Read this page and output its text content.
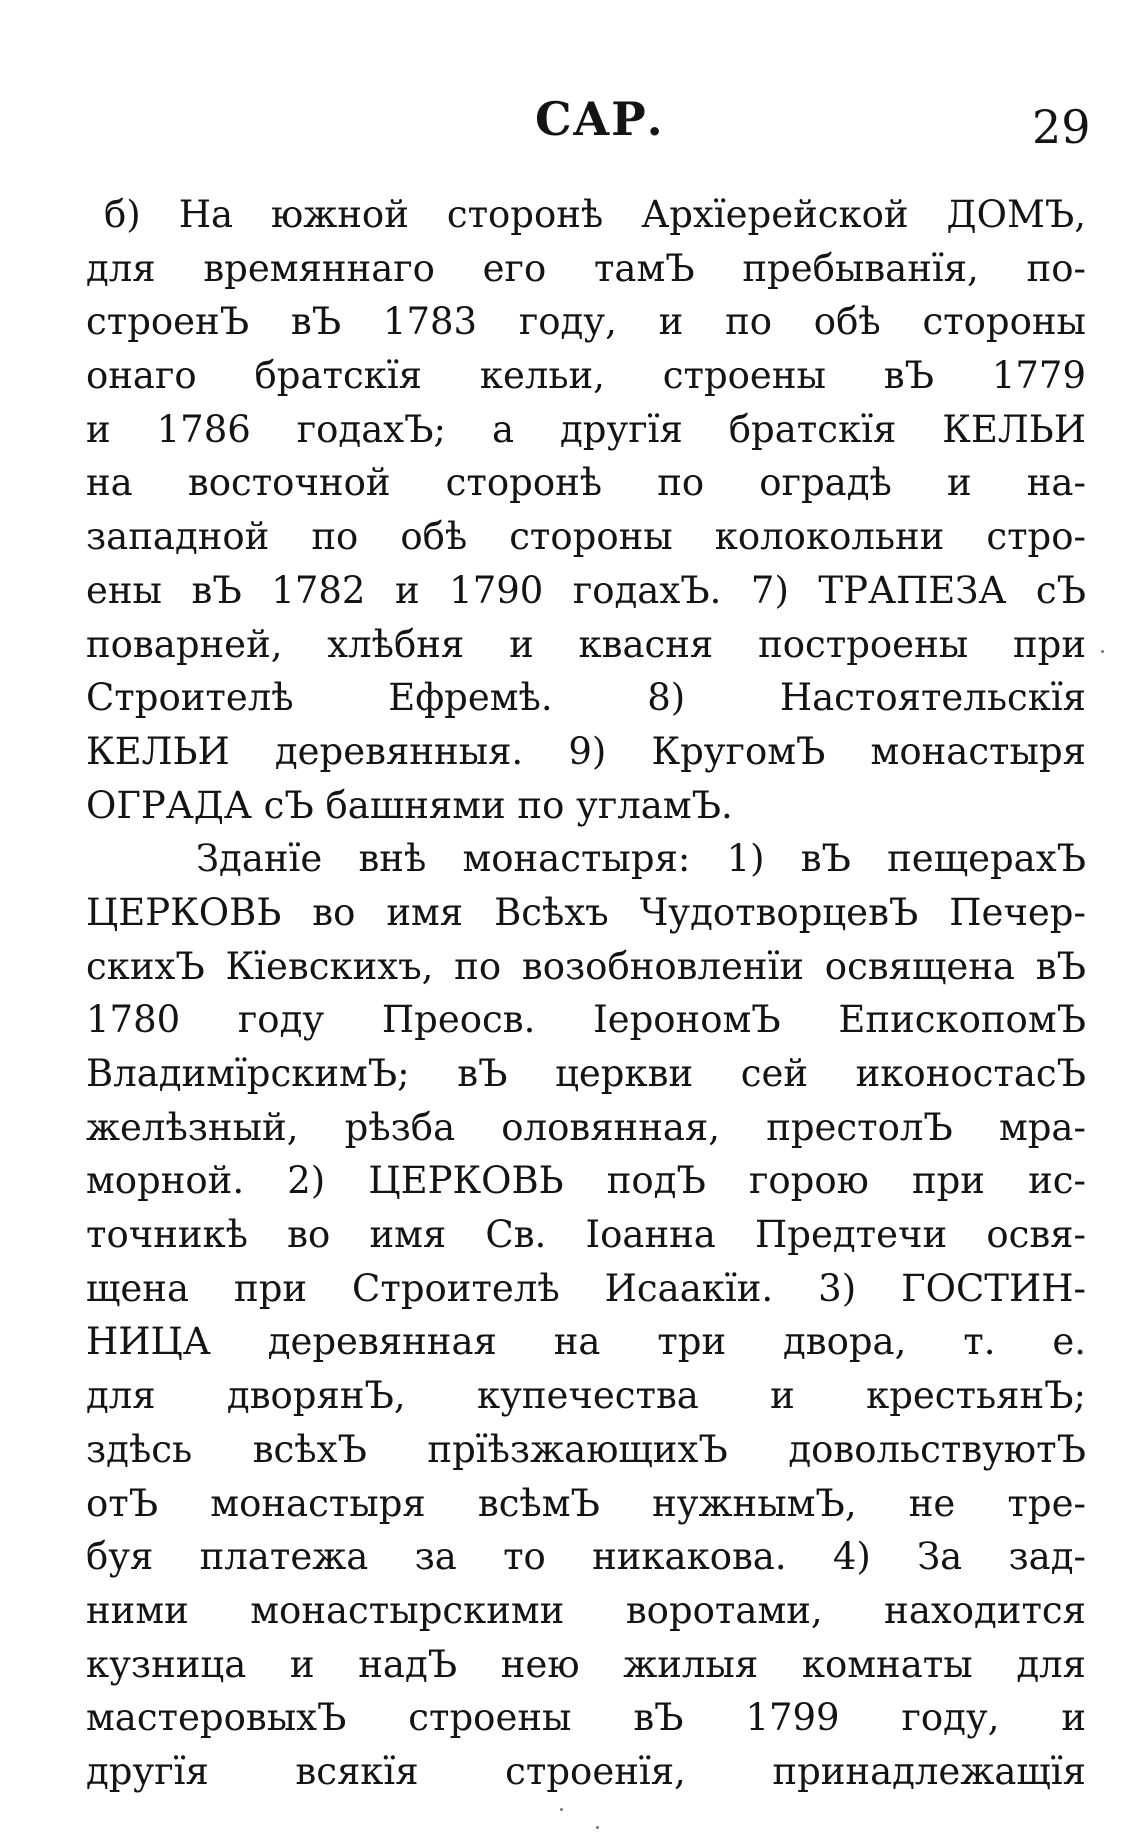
САР.	29
б) На южной сторонѣ Архїерейской ДОМЪ,
для времяннаго его тамЪ пребыванїя, по-
строенЪ вЪ 1783 году, и по обѣ стороны
онаго братскїя кельи, строены вЪ 1779
и 1786 годахЪ; а другїя братскїя КЕЛЬИ
на восточной сторонѣ по оградѣ и на-
западной по обѣ стороны колокольни стро-
ены вЪ 1782 и 1790 годахЪ. 7) ТРАПЕЗА сЪ
поварней, хлѣбня и квасня построены при
Строителѣ Ефремѣ. 8) Настоятельскїя
КЕЛЬИ деревянныя. 9) КругомЪ монастыря
ОГРАДА сЪ башнями по угламЪ.
Зданїе внѣ монастыря: 1) вЪ пещерахЪ
ЦЕРКОВЬ во имя Всѣхъ ЧудотворцевЪ Печер-
скихЪ Кїевскихъ, по возобновленїи освящена вЪ
1780 году Преосв. ІерономЪ ЕпископомЪ
ВладимїрскимЪ; вЪ церкви сей иконостасЪ
желѣзный, рѣзба оловянная, престолЪ мра-
морной. 2) ЦЕРКОВЬ подЪ горою при ис-
точникѣ во имя Св. Іоанна Предтечи освя-
щена при Строителѣ Исаакїи. 3) ГОСТИН-
НИЦА деревянная на три двора, т. е.
для дворянЪ, купечества и крестьянЪ;
здѣсь всѣхЪ прїѣзжающихЪ довольствуютЪ
отЪ монастыря всѣмЪ нужнымЪ, не тре-
буя платежа за то никакова. 4) За зад-
ними монастырскими воротами, находится
кузница и надЪ нею жилыя комнаты для
мастеровыхЪ строены вЪ 1799 году, и
другїя всякїя строенїя, принадлежащїя
